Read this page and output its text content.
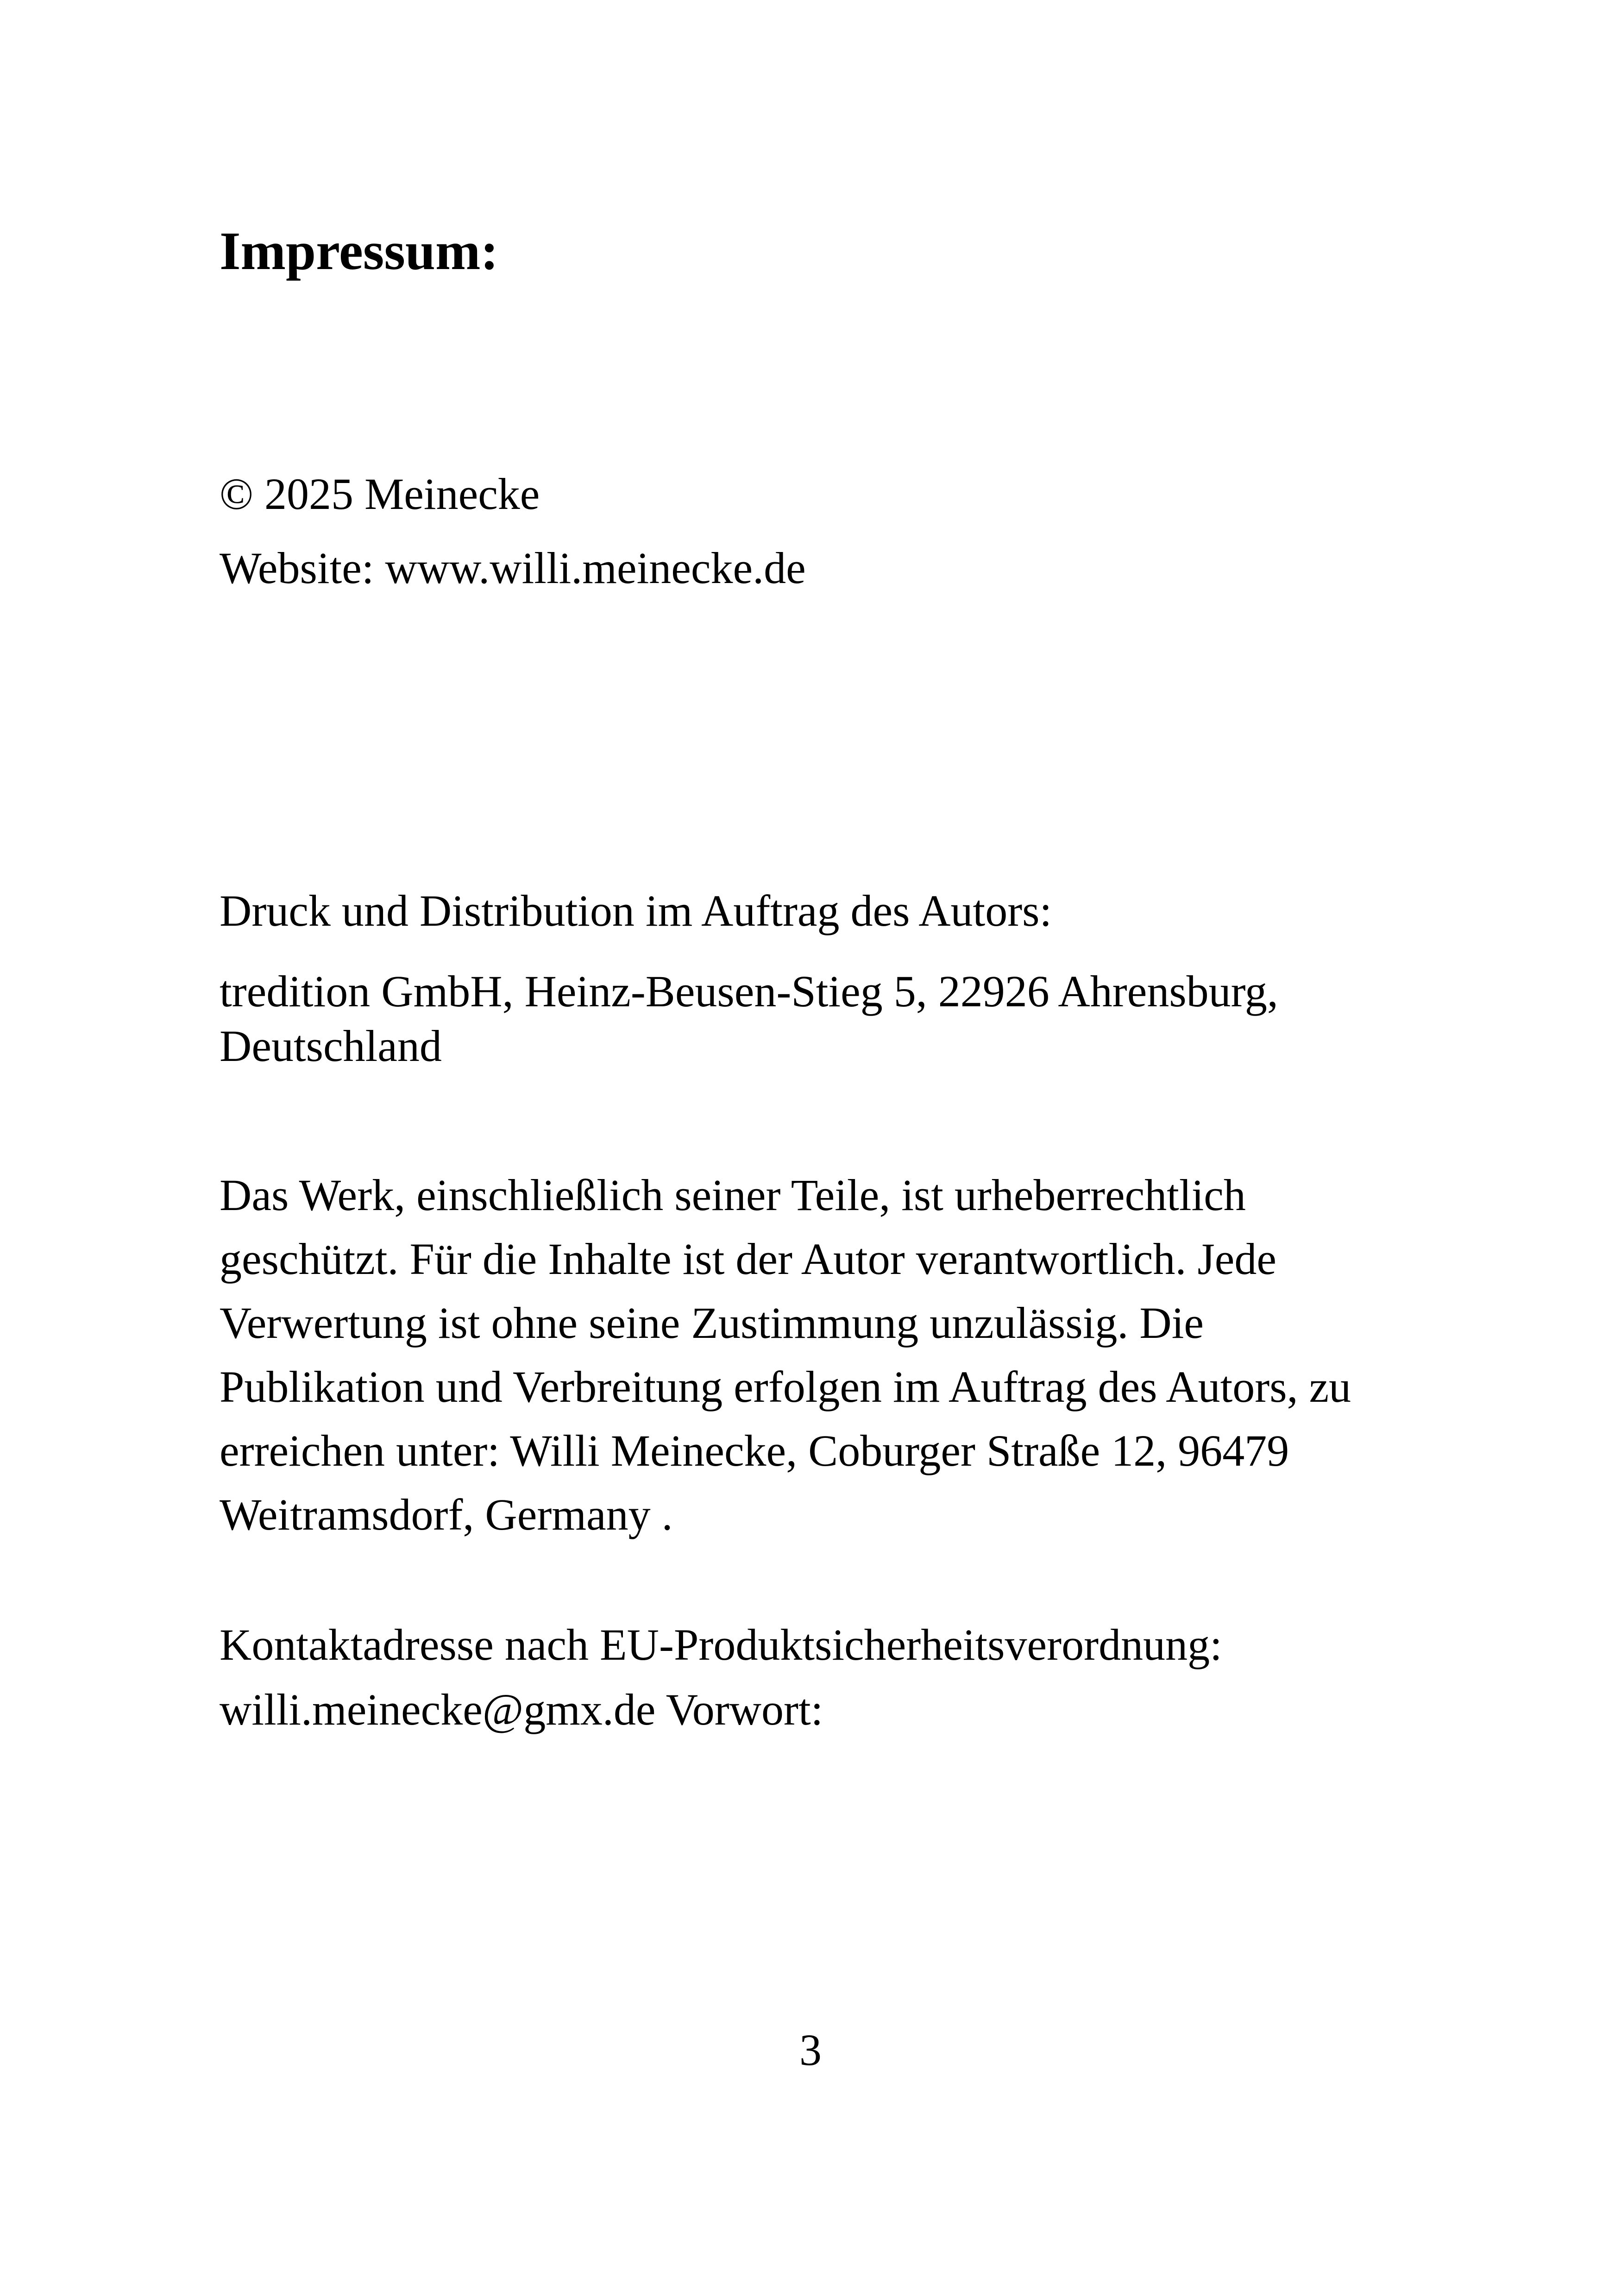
Impressum:

© 2025 Meinecke

Website: www.willi.meinecke.de

Druck und Distribution im Auftrag des Autors:

tredition GmbH, Heinz-Beusen-Stieg 5, 22926 Ahrensburg,
Deutschland
Das Werk, einschließlich seiner Teile, ist urheberrechtlich
geschützt. Für die Inhalte ist der Autor verantwortlich. Jede
Verwertung ist ohne seine Zustimmung unzulässig. Die
Publikation und Verbreitung erfolgen im Auftrag des Autors, zu
erreichen unter: Willi Meinecke, Coburger Straße 12, 96479
Weitramsdorf, Germany .
Kontaktadresse nach EU-Produktsicherheitsverordnung:
willi.meinecke@gmx.de Vorwort:

3
